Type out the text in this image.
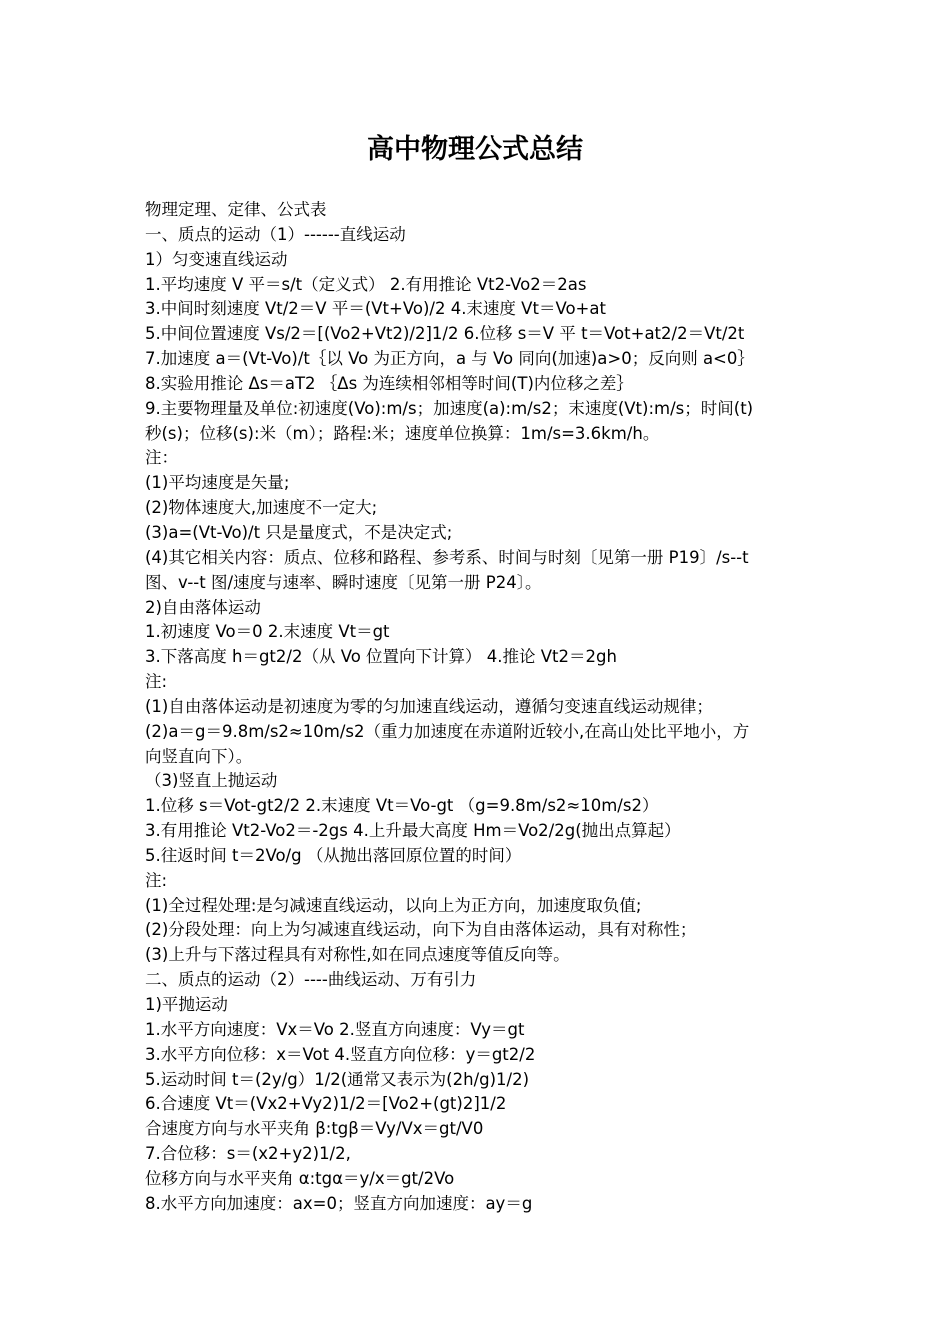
高中物理公式总结
物理定理、定律、公式表
一、质点的运动（1）------直线运动
1）匀变速直线运动
1.平均速度 V 平＝s/t（定义式） 2.有用推论 Vt2-Vo2＝2as
3.中间时刻速度 Vt/2＝V 平＝(Vt+Vo)/2 4.末速度 Vt＝Vo+at
5.中间位置速度 Vs/2＝[(Vo2+Vt2)/2]1/2 6.位移 s＝V 平 t＝Vot+at2/2＝Vt/2t
7.加速度 a＝(Vt-Vo)/t｛以 Vo 为正方向，a 与 Vo 同向(加速)a>0；反向则 a<0｝
8.实验用推论 Δs＝aT2 ｛Δs 为连续相邻相等时间(T)内位移之差｝
9.主要物理量及单位:初速度(Vo):m/s；加速度(a):m/s2；末速度(Vt):m/s；时间(t)
秒(s)；位移(s):米（m）；路程:米；速度单位换算：1m/s=3.6km/h。
注：
(1)平均速度是矢量;
(2)物体速度大,加速度不一定大;
(3)a=(Vt-Vo)/t 只是量度式，不是决定式;
(4)其它相关内容：质点、位移和路程、参考系、时间与时刻〔见第一册 P19〕/s--t
图、v--t 图/速度与速率、瞬时速度〔见第一册 P24〕。
2)自由落体运动
1.初速度 Vo＝0 2.末速度 Vt＝gt
3.下落高度 h＝gt2/2（从 Vo 位置向下计算） 4.推论 Vt2＝2gh
注:
(1)自由落体运动是初速度为零的匀加速直线运动，遵循匀变速直线运动规律；
(2)a＝g＝9.8m/s2≈10m/s2（重力加速度在赤道附近较小,在高山处比平地小，方
向竖直向下）。
（3)竖直上抛运动
1.位移 s＝Vot-gt2/2 2.末速度 Vt＝Vo-gt （g=9.8m/s2≈10m/s2）
3.有用推论 Vt2-Vo2＝-2gs 4.上升最大高度 Hm＝Vo2/2g(抛出点算起）
5.往返时间 t＝2Vo/g （从抛出落回原位置的时间）
注:
(1)全过程处理:是匀减速直线运动，以向上为正方向，加速度取负值;
(2)分段处理：向上为匀减速直线运动，向下为自由落体运动，具有对称性；
(3)上升与下落过程具有对称性,如在同点速度等值反向等。
二、质点的运动（2）----曲线运动、万有引力
1)平抛运动
1.水平方向速度：Vx＝Vo 2.竖直方向速度：Vy＝gt
3.水平方向位移：x＝Vot 4.竖直方向位移：y＝gt2/2
5.运动时间 t＝(2y/g）1/2(通常又表示为(2h/g)1/2)
6.合速度 Vt＝(Vx2+Vy2)1/2＝[Vo2+(gt)2]1/2
合速度方向与水平夹角 β:tgβ＝Vy/Vx＝gt/V0
7.合位移：s＝(x2+y2)1/2,
位移方向与水平夹角 α:tgα＝y/x＝gt/2Vo
8.水平方向加速度：ax=0；竖直方向加速度：ay＝g
